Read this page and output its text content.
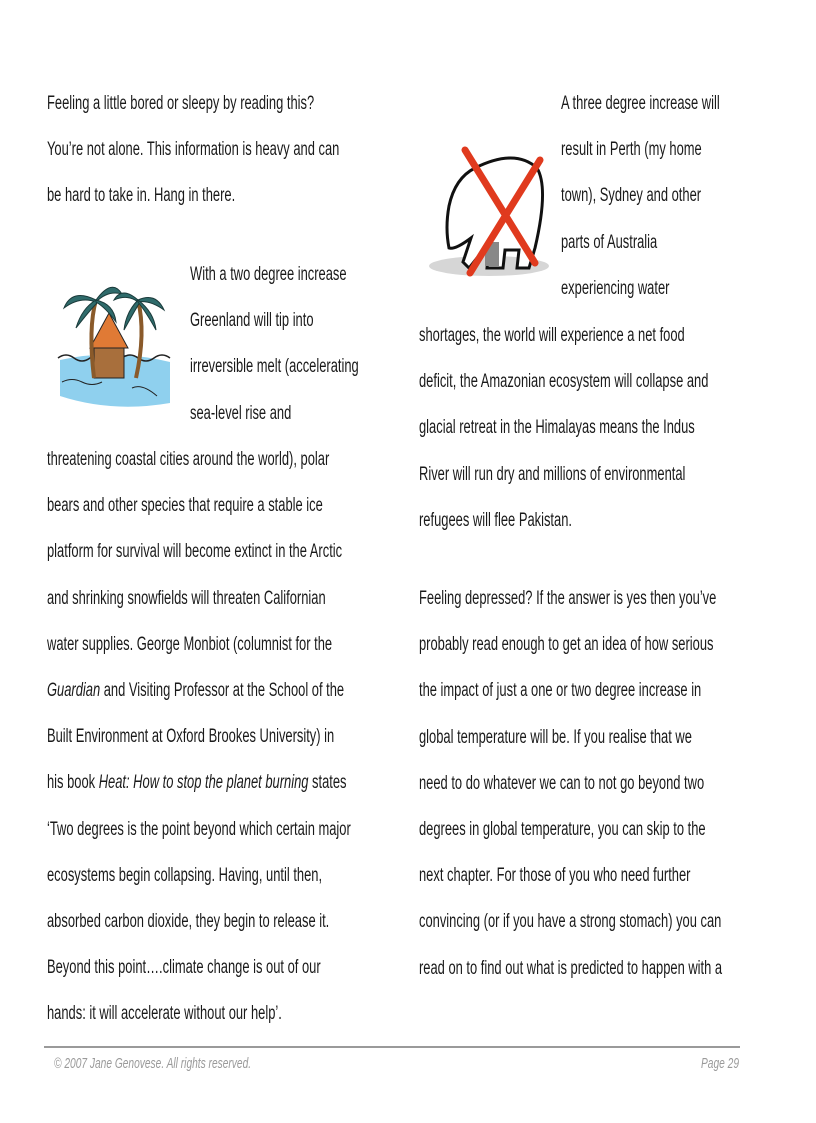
Feeling a little bored or sleepy by reading this?
You’re not alone. This information is heavy and can
be hard to take in. Hang in there.
With a two degree increase
Greenland will tip into
irreversible melt (accelerating
sea-level rise and
threatening coastal cities around the world), polar
bears and other species that require a stable ice
platform for survival will become extinct in the Arctic
and shrinking snowfields will threaten Californian
water supplies. George Monbiot (columnist for the
Guardian and Visiting Professor at the School of the
Built Environment at Oxford Brookes University) in
his book Heat: How to stop the planet burning states
‘Two degrees is the point beyond which certain major
ecosystems begin collapsing. Having, until then,
absorbed carbon dioxide, they begin to release it.
Beyond this point….climate change is out of our
hands: it will accelerate without our help’.
A three degree increase will
result in Perth (my home
town), Sydney and other
parts of Australia
experiencing water
shortages, the world will experience a net food
deficit, the Amazonian ecosystem will collapse and
glacial retreat in the Himalayas means the Indus
River will run dry and millions of environmental
refugees will flee Pakistan.
Feeling depressed? If the answer is yes then you’ve
probably read enough to get an idea of how serious
the impact of just a one or two degree increase in
global temperature will be. If you realise that we
need to do whatever we can to not go beyond two
degrees in global temperature, you can skip to the
next chapter. For those of you who need further
convincing (or if you have a strong stomach) you can
read on to find out what is predicted to happen with a
© 2007 Jane Genovese. All rights reserved.	Page 29
